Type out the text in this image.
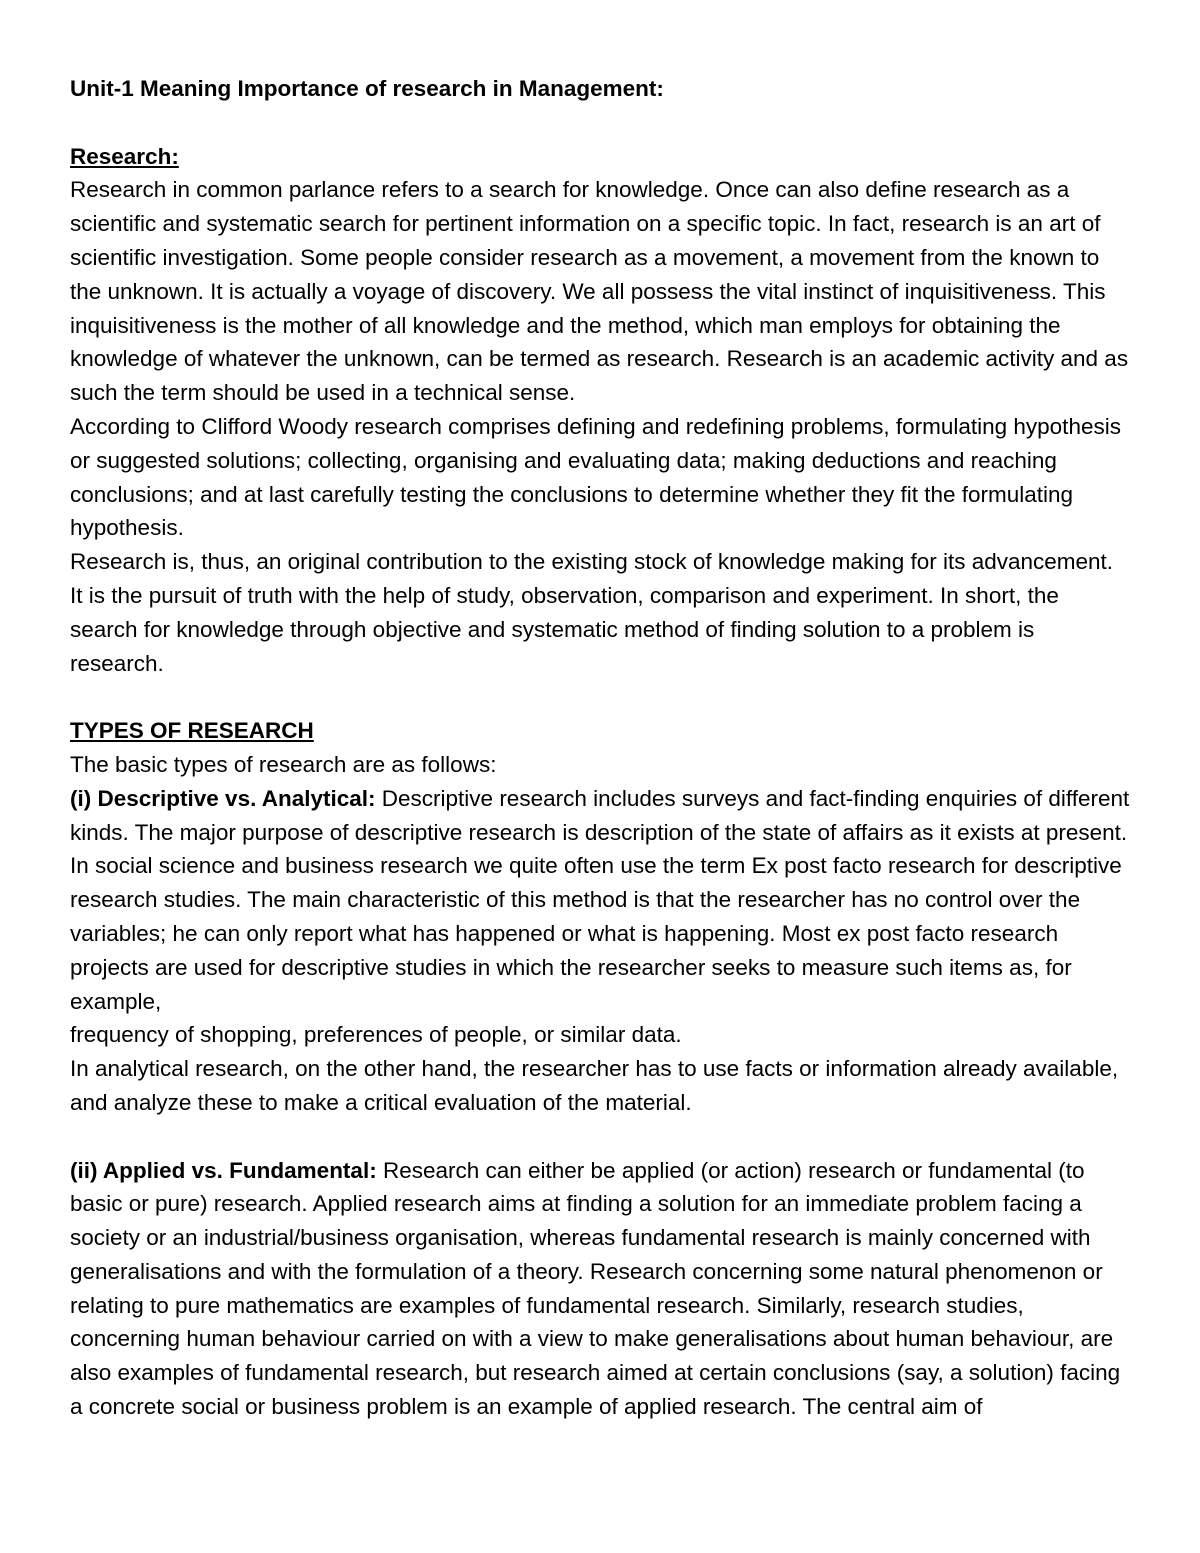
Unit-1 Meaning Importance of research in Management:

Research:

Research in common parlance refers to a search for knowledge. Once can also define research as a scientific and systematic search for pertinent information on a specific topic. In fact, research is an art of scientific investigation. Some people consider research as a movement, a movement from the known to the unknown. It is actually a voyage of discovery. We all possess the vital instinct of inquisitiveness. This inquisitiveness is the mother of all knowledge and the method, which man employs for obtaining the knowledge of whatever the unknown, can be termed as research. Research is an academic activity and as such the term should be used in a technical sense.

According to Clifford Woody research comprises defining and redefining problems, formulating hypothesis or suggested solutions; collecting, organising and evaluating data; making deductions and reaching conclusions; and at last carefully testing the conclusions to determine whether they fit the formulating hypothesis.

Research is, thus, an original contribution to the existing stock of knowledge making for its advancement. It is the pursuit of truth with the help of study, observation, comparison and experiment. In short, the search for knowledge through objective and systematic method of finding solution to a problem is research.

TYPES OF RESEARCH

The basic types of research are as follows:

(i) Descriptive vs. Analytical: Descriptive research includes surveys and fact-finding enquiries of different kinds. The major purpose of descriptive research is description of the state of affairs as it exists at present. In social science and business research we quite often use the term Ex post facto research for descriptive research studies. The main characteristic of this method is that the researcher has no control over the variables; he can only report what has happened or what is happening. Most ex post facto research projects are used for descriptive studies in which the researcher seeks to measure such items as, for example,

frequency of shopping, preferences of people, or similar data.

In analytical research, on the other hand, the researcher has to use facts or information already available, and analyze these to make a critical evaluation of the material.

(ii) Applied vs. Fundamental: Research can either be applied (or action) research or fundamental (to basic or pure) research. Applied research aims at finding a solution for an immediate problem facing a society or an industrial/business organisation, whereas fundamental research is mainly concerned with generalisations and with the formulation of a theory. Research concerning some natural phenomenon or relating to pure mathematics are examples of fundamental research. Similarly, research studies, concerning human behaviour carried on with a view to make generalisations about human behaviour, are also examples of fundamental research, but research aimed at certain conclusions (say, a solution) facing a concrete social or business problem is an example of applied research. The central aim of
